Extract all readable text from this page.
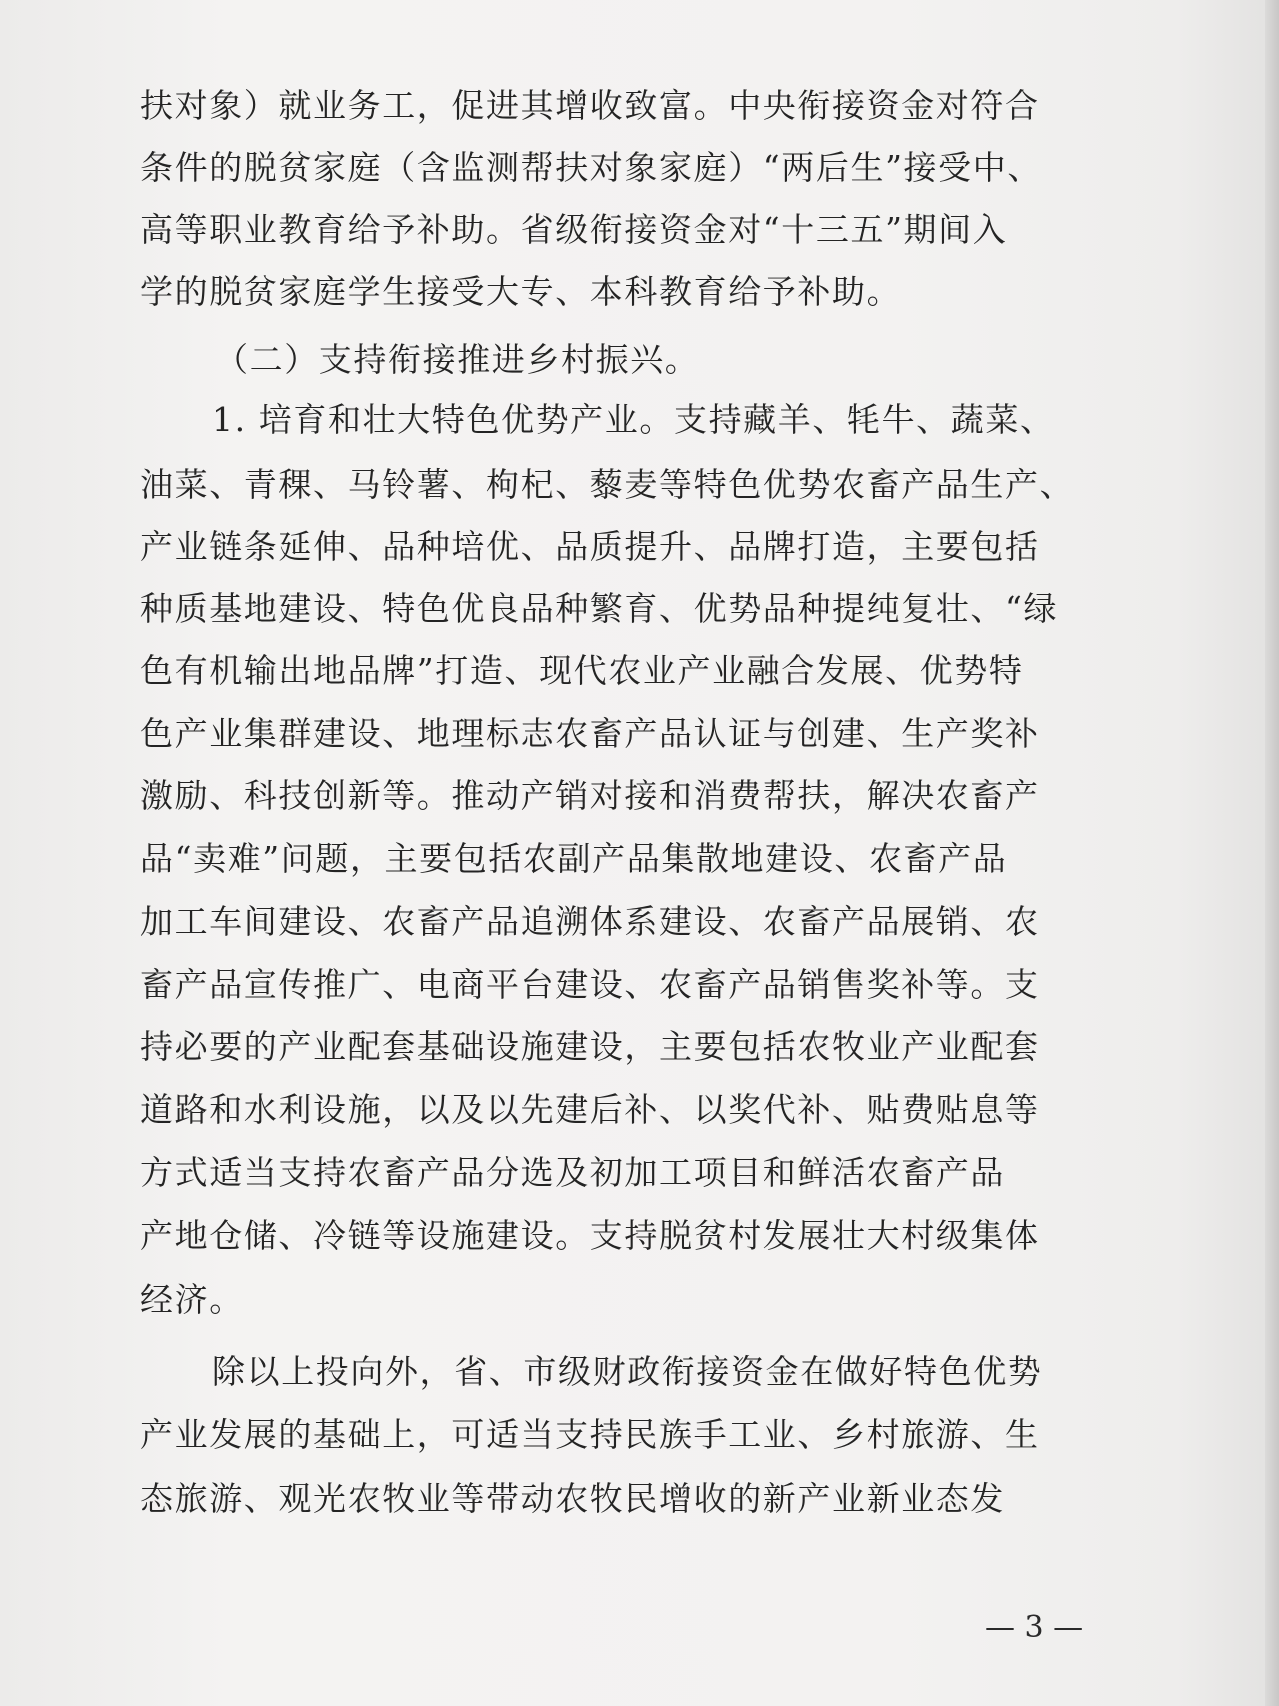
扶对象）就业务工，促进其增收致富。中央衔接资金对符合
条件的脱贫家庭（含监测帮扶对象家庭）“两后生”接受中、
高等职业教育给予补助。省级衔接资金对“十三五”期间入
学的脱贫家庭学生接受大专、本科教育给予补助。
（二）支持衔接推进乡村振兴。
1. 培育和壮大特色优势产业。支持藏羊、牦牛、蔬菜、
油菜、青稞、马铃薯、枸杞、藜麦等特色优势农畜产品生产、
产业链条延伸、品种培优、品质提升、品牌打造，主要包括
种质基地建设、特色优良品种繁育、优势品种提纯复壮、“绿
色有机输出地品牌”打造、现代农业产业融合发展、优势特
色产业集群建设、地理标志农畜产品认证与创建、生产奖补
激励、科技创新等。推动产销对接和消费帮扶，解决农畜产
品“卖难”问题，主要包括农副产品集散地建设、农畜产品
加工车间建设、农畜产品追溯体系建设、农畜产品展销、农
畜产品宣传推广、电商平台建设、农畜产品销售奖补等。支
持必要的产业配套基础设施建设，主要包括农牧业产业配套
道路和水利设施，以及以先建后补、以奖代补、贴费贴息等
方式适当支持农畜产品分选及初加工项目和鲜活农畜产品
产地仓储、冷链等设施建设。支持脱贫村发展壮大村级集体
经济。
除以上投向外，省、市级财政衔接资金在做好特色优势
产业发展的基础上，可适当支持民族手工业、乡村旅游、生
态旅游、观光农牧业等带动农牧民增收的新产业新业态发
— 3 —
